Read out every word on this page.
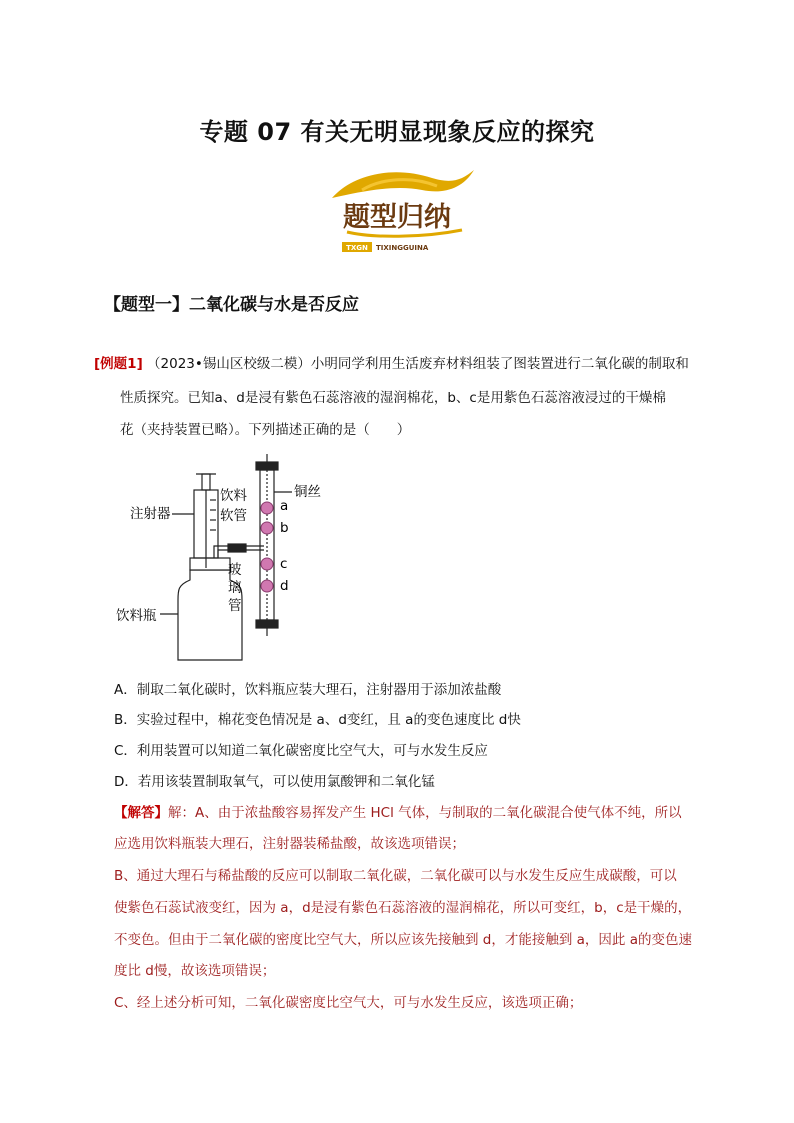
专题 07 有关无明显现象反应的探究
题型归纳
TXGN TIXINGGUINA
【题型一】二氧化碳与水是否反应
[例题1] （2023•锡山区校级二模）小明同学利用生活废弃材料组装了图装置进行二氧化碳的制取和
性质探究。已知a、d是浸有紫色石蕊溶液的湿润棉花，b、c是用紫色石蕊溶液浸过的干燥棉
花（夹持装置已略）。下列描述正确的是（　　）
注射器
饮料
软管
铜丝
a
b
c
d
玻
璃
管
饮料瓶
A．制取二氧化碳时，饮料瓶应装大理石，注射器用于添加浓盐酸
B．实验过程中，棉花变色情况是 a、d变红，且 a的变色速度比 d快
C．利用装置可以知道二氧化碳密度比空气大，可与水发生反应
D．若用该装置制取氧气，可以使用氯酸钾和二氧化锰
【解答】解：A、由于浓盐酸容易挥发产生 HCl 气体，与制取的二氧化碳混合使气体不纯，所以
应选用饮料瓶装大理石，注射器装稀盐酸，故该选项错误；
B、通过大理石与稀盐酸的反应可以制取二氧化碳，二氧化碳可以与水发生反应生成碳酸，可以
使紫色石蕊试液变红，因为 a，d是浸有紫色石蕊溶液的湿润棉花，所以可变红，b，c是干燥的，
不变色。但由于二氧化碳的密度比空气大，所以应该先接触到 d，才能接触到 a，因此 a的变色速
度比 d慢，故该选项错误；
C、经上述分析可知，二氧化碳密度比空气大，可与水发生反应，该选项正确；
